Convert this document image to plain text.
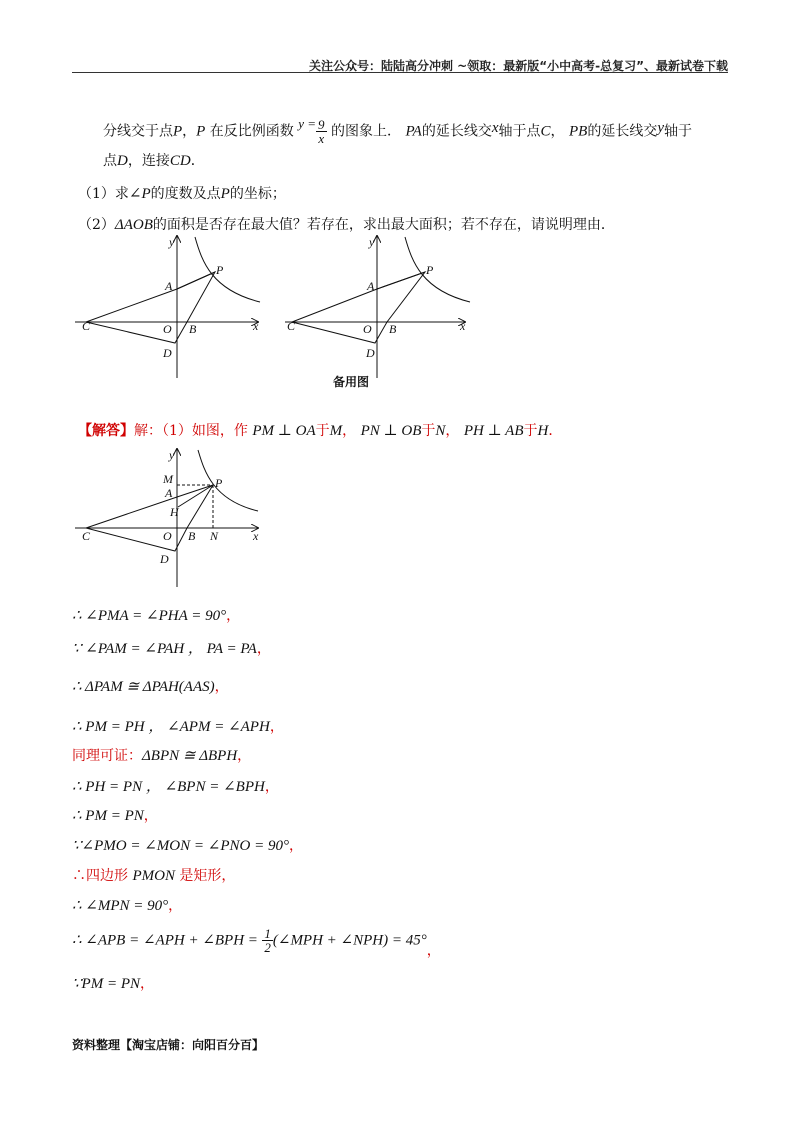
关注公众号：陆陆高分冲刺 ~领取：最新版“小中高考-总复习”、最新试卷下载
分线交于点P，P 在反比例函数 $y = \frac{9}{x}$ 的图象上． PA的延长线交x轴于点C， PB的延长线交y轴于
点D，连接CD．
（1）求∠P的度数及点P的坐标；
（2）ΔAOB的面积是否存在最大值？若存在，求出最大面积；若不存在，请说明理由．
y
A
P
C	O B
D
x
y
A
P
C	O B
D
x
备用图
【解答】解：（1）如图，作 PM ⊥ OA于M， PN ⊥ OB于N， PH ⊥ AB于H．
y
M
A
H
P
C	O B N
D
x
∴ ∠PMA = ∠PHA = 90°，
∵ ∠PAM = ∠PAH ， PA = PA，
∴ ΔPAM ≅ ΔPAH(AAS)，
∴ PM = PH ， ∠APM = ∠APH，
同理可证：ΔBPN ≅ ΔBPH，
∴ PH = PN ， ∠BPN = ∠BPH，
∴ PM = PN，
∵∠PMO = ∠MON = ∠PNO = 90°，
∴四边形 PMON 是矩形，
∴ ∠MPN = 90°，
∴ ∠APB = ∠APH + ∠BPH = $\frac{1}{2}$ (∠MPH + ∠NPH) = 45°，
∵PM = PN，
资料整理【淘宝店铺：向阳百分百】
